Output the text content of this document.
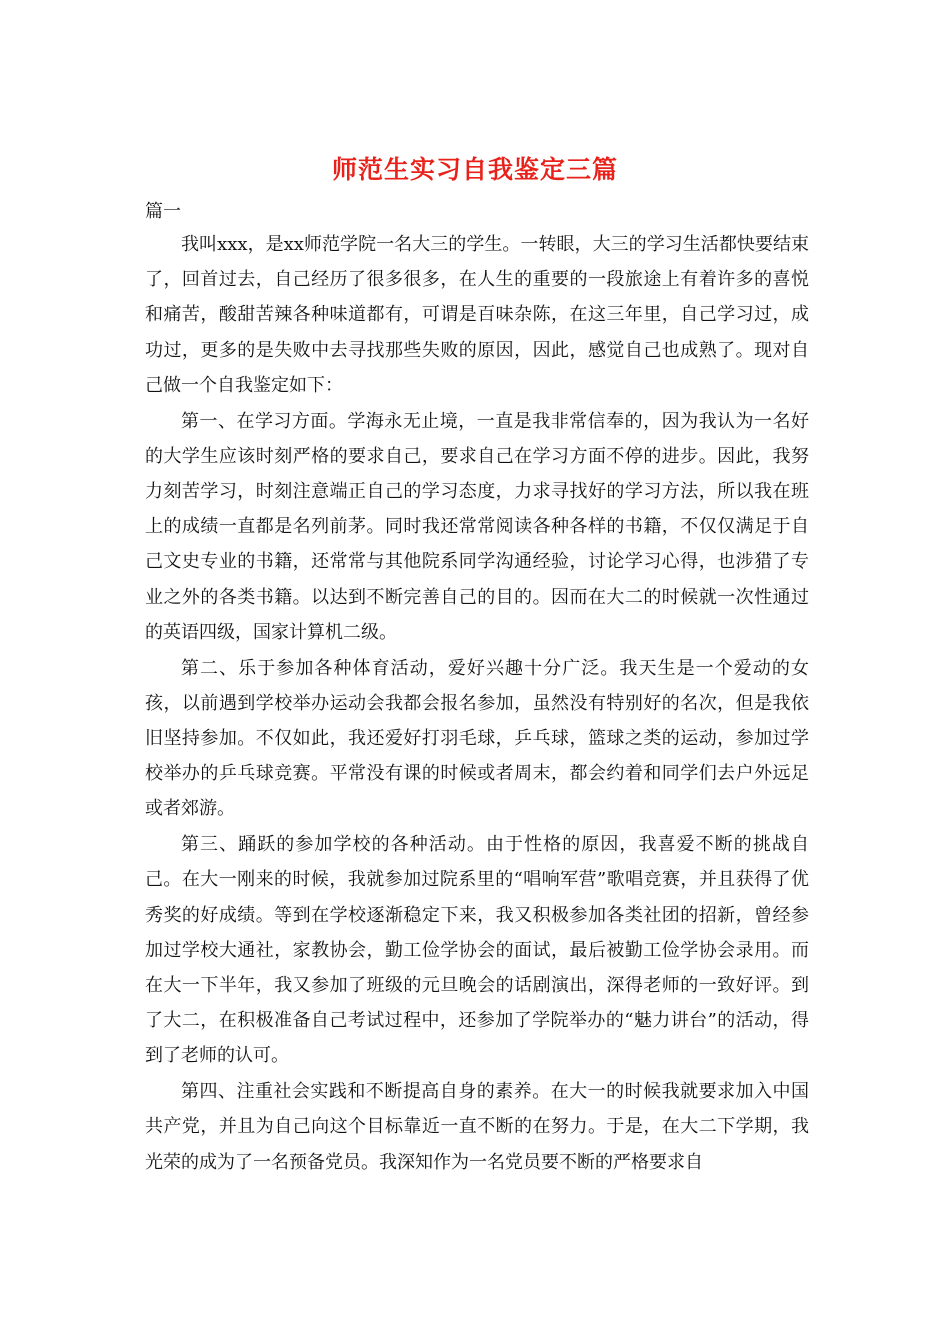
师范生实习自我鉴定三篇
篇一

我叫xxx，是xx师范学院一名大三的学生。一转眼，大三的学习生活都快要结束了，回首过去，自己经历了很多很多，在人生的重要的一段旅途上有着许多的喜悦和痛苦，酸甜苦辣各种味道都有，可谓是百味杂陈，在这三年里，自己学习过，成功过，更多的是失败中去寻找那些失败的原因，因此，感觉自己也成熟了。现对自己做一个自我鉴定如下：

第一、在学习方面。学海永无止境，一直是我非常信奉的，因为我认为一名好的大学生应该时刻严格的要求自己，要求自己在学习方面不停的进步。因此，我努力刻苦学习，时刻注意端正自己的学习态度，力求寻找好的学习方法，所以我在班上的成绩一直都是名列前茅。同时我还常常阅读各种各样的书籍，不仅仅满足于自己文史专业的书籍，还常常与其他院系同学沟通经验，讨论学习心得，也涉猎了专业之外的各类书籍。以达到不断完善自己的目的。因而在大二的时候就一次性通过的英语四级，国家计算机二级。

第二、乐于参加各种体育活动，爱好兴趣十分广泛。我天生是一个爱动的女孩，以前遇到学校举办运动会我都会报名参加，虽然没有特别好的名次，但是我依旧坚持参加。不仅如此，我还爱好打羽毛球，乒乓球，篮球之类的运动，参加过学校举办的乒乓球竞赛。平常没有课的时候或者周末，都会约着和同学们去户外远足或者郊游。

第三、踊跃的参加学校的各种活动。由于性格的原因，我喜爱不断的挑战自己。在大一刚来的时候，我就参加过院系里的“唱响军营”歌唱竞赛，并且获得了优秀奖的好成绩。等到在学校逐渐稳定下来，我又积极参加各类社团的招新，曾经参加过学校大通社，家教协会，勤工俭学协会的面试，最后被勤工俭学协会录用。而在大一下半年，我又参加了班级的元旦晚会的话剧演出，深得老师的一致好评。到了大二，在积极准备自己考试过程中，还参加了学院举办的“魅力讲台”的活动，得到了老师的认可。

第四、注重社会实践和不断提高自身的素养。在大一的时候我就要求加入中国共产党，并且为自己向这个目标靠近一直不断的在努力。于是，在大二下学期，我光荣的成为了一名预备党员。我深知作为一名党员要不断的严格要求自
